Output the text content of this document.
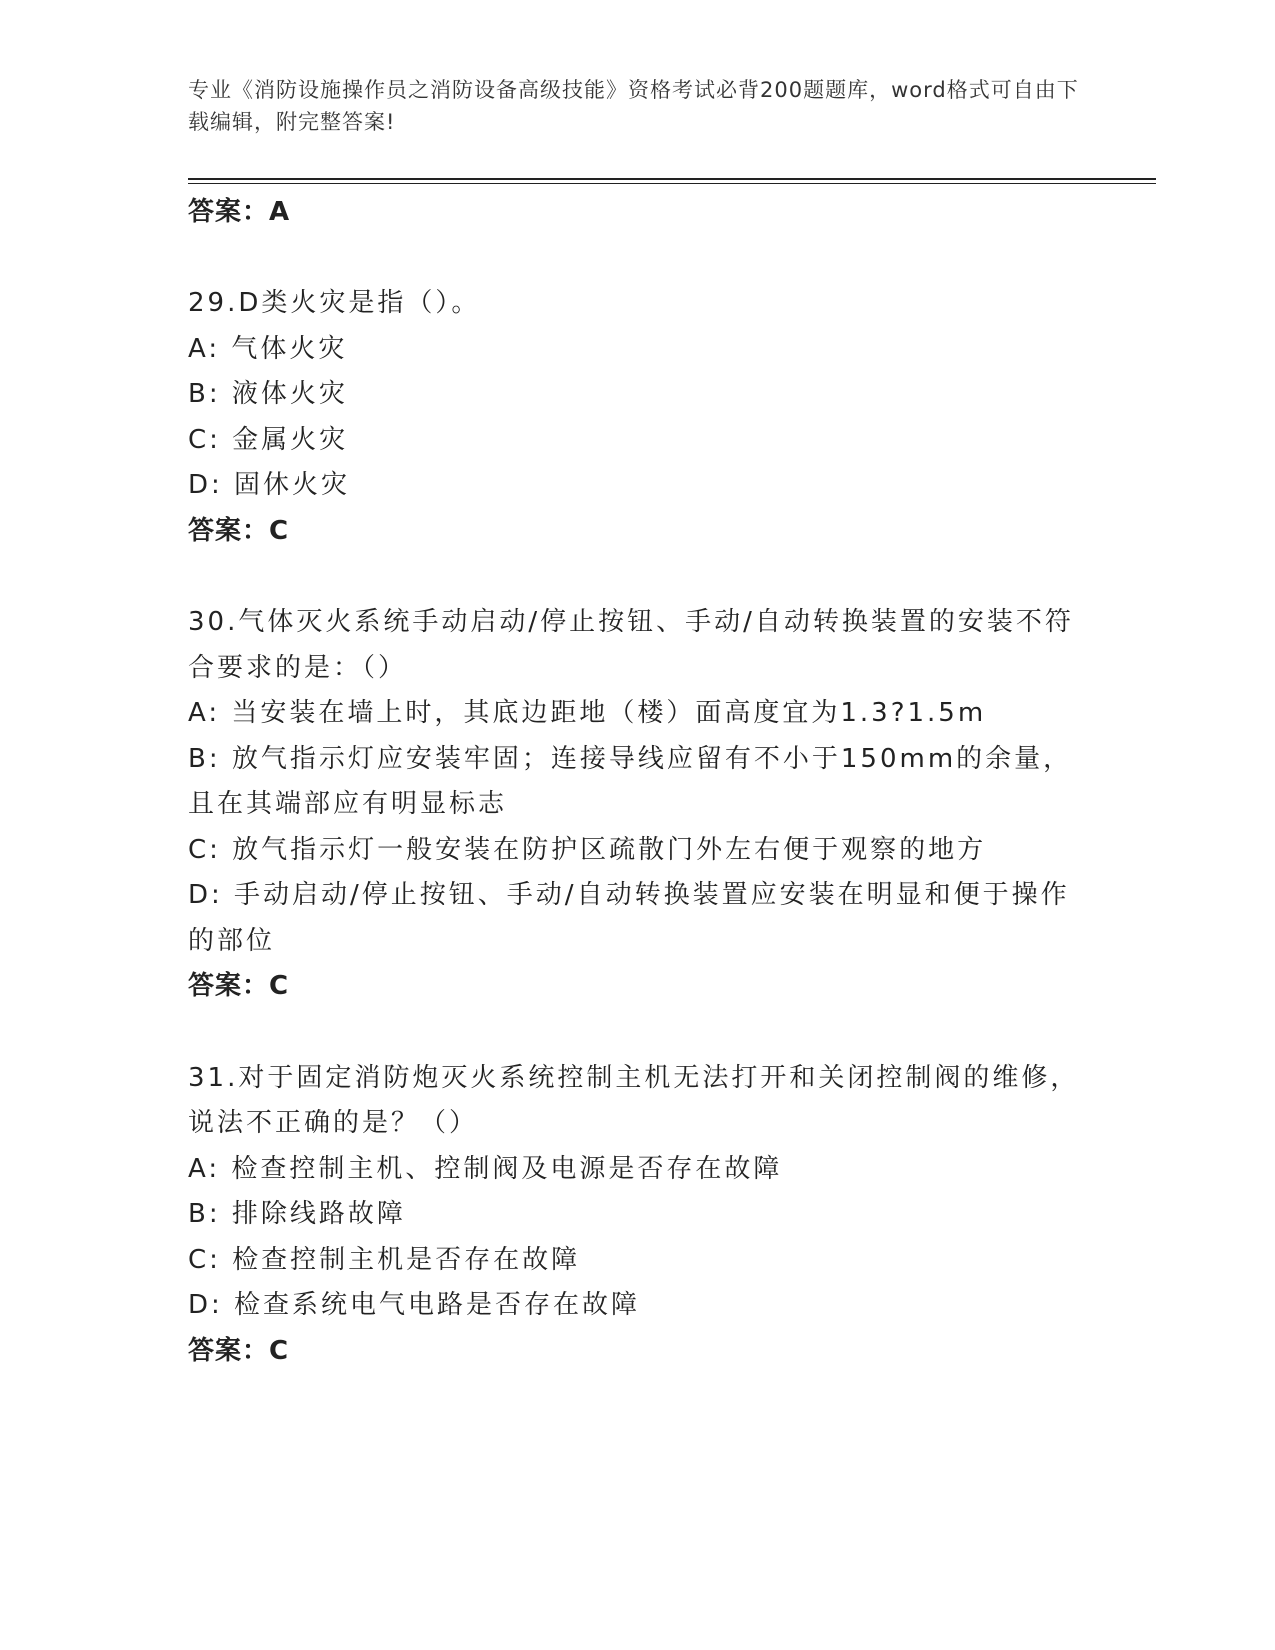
专业《消防设施操作员之消防设备高级技能》资格考试必背200题题库，word格式可自由下载编辑，附完整答案!
答案：A
29.D类火灾是指（）。
A: 气体火灾
B: 液体火灾
C: 金属火灾
D: 固休火灾
答案：C
30.气体灭火系统手动启动/停止按钮、手动/自动转换装置的安装不符合要求的是：（）
A: 当安装在墙上时，其底边距地（楼）面高度宜为1.3?1.5m
B: 放气指示灯应安装牢固；连接导线应留有不小于150mm的余量，且在其端部应有明显标志
C: 放气指示灯一般安装在防护区疏散门外左右便于观察的地方
D: 手动启动/停止按钮、手动/自动转换装置应安装在明显和便于操作的部位
答案：C
31.对于固定消防炮灭火系统控制主机无法打开和关闭控制阀的维修，说法不正确的是？（）
A: 检查控制主机、控制阀及电源是否存在故障
B: 排除线路故障
C: 检查控制主机是否存在故障
D: 检查系统电气电路是否存在故障
答案：C
